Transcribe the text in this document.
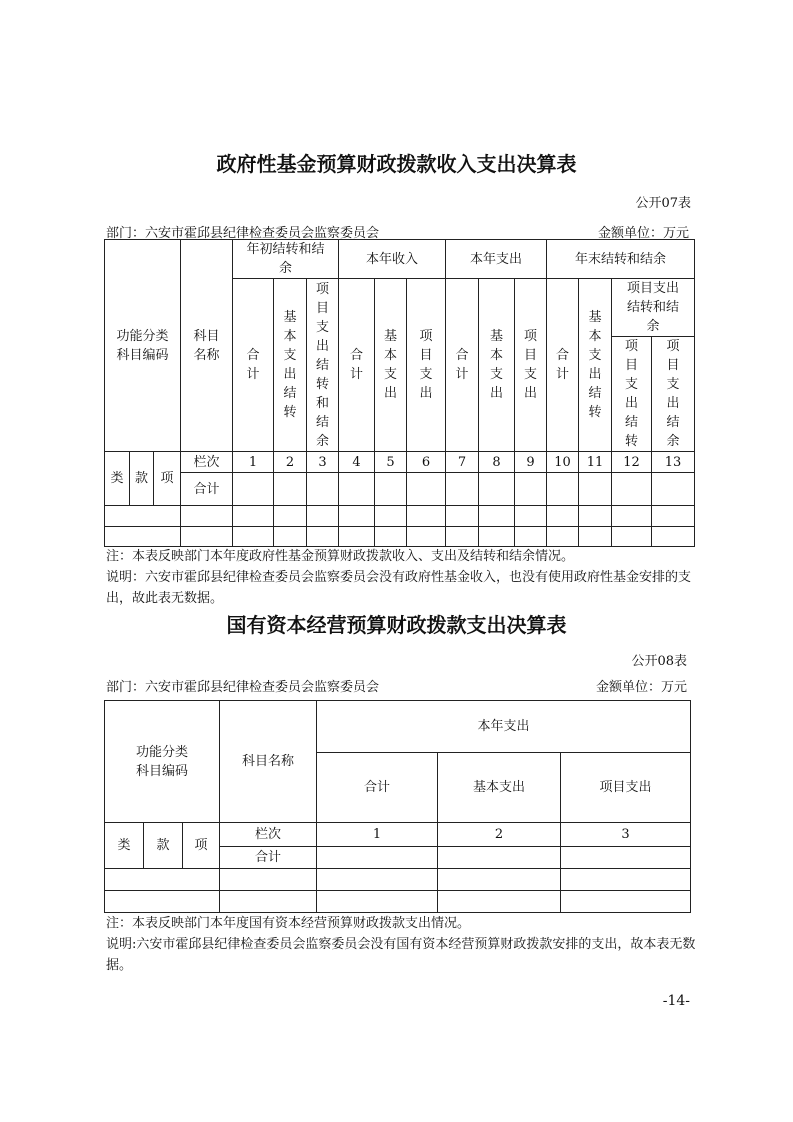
政府性基金预算财政拨款收入支出决算表
公开07表
部门：六安市霍邱县纪律检查委员会监察委员会	金额单位：万元
功能分类科目编码			科目名称	年初结转和结余			本年收入			本年支出			年末结转和结余			
				合计	基本支出结转	项目支出结转和结余	合计	基本支出	项目支出	合计	基本支出	项目支出	合计	基本支出结转	项目支出结转和结余	
															项目支出结转	项目支出结余
类	款	项	栏次	1	2	3	4	5	6	7	8	9	10	11	12	13
			合计													

注：本表反映部门本年度政府性基金预算财政拨款收入、支出及结转和结余情况。
说明：六安市霍邱县纪律检查委员会监察委员会没有政府性基金收入，也没有使用政府性基金安排的支出，故此表无数据。
国有资本经营预算财政拨款支出决算表
公开08表
部门：六安市霍邱县纪律检查委员会监察委员会	金额单位：万元
功能分类科目编码			科目名称	本年支出		
				合计	基本支出	项目支出
类	款	项	栏次	1	2	3
			合计			

注：本表反映部门本年度国有资本经营预算财政拨款支出情况。
说明:六安市霍邱县纪律检查委员会监察委员会没有国有资本经营预算财政拨款安排的支出，故本表无数据。
-14-
